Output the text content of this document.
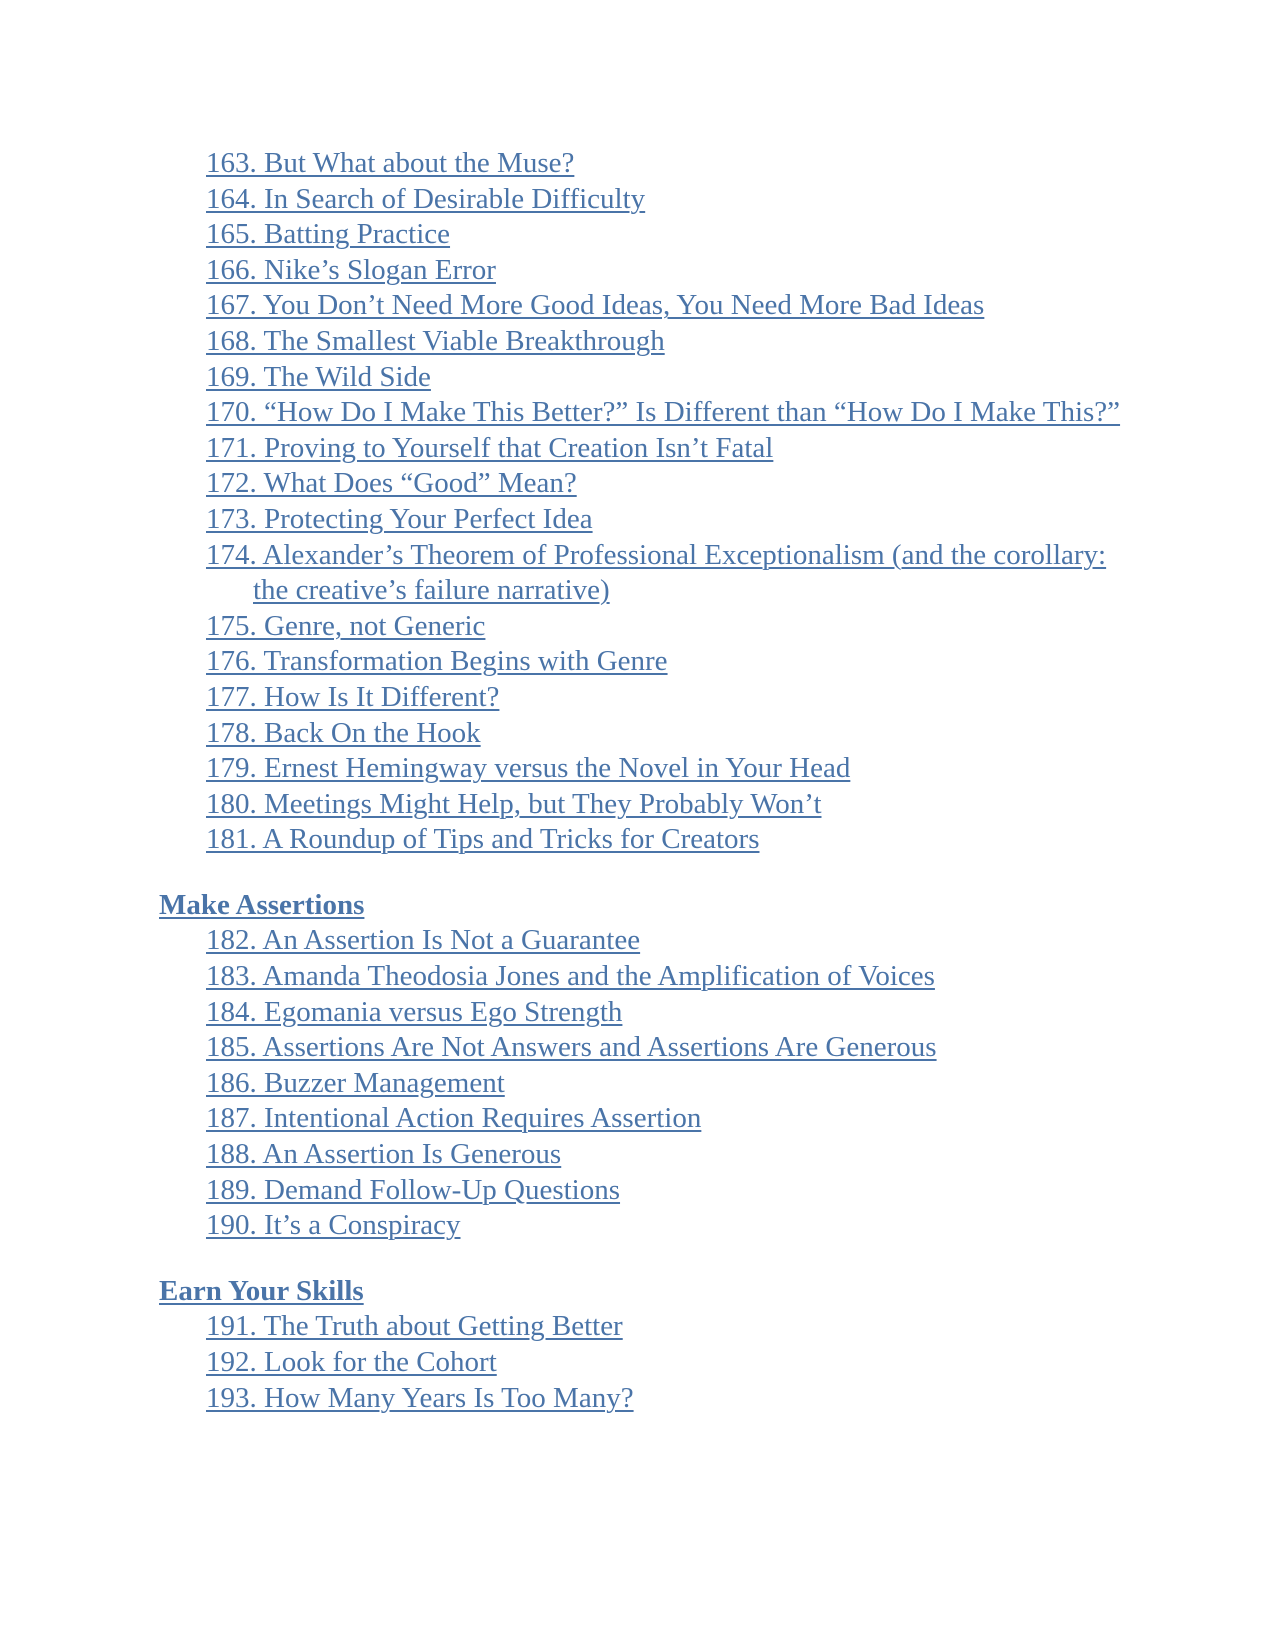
163. But What about the Muse?
164. In Search of Desirable Difficulty
165. Batting Practice
166. Nike’s Slogan Error
167. You Don’t Need More Good Ideas, You Need More Bad Ideas
168. The Smallest Viable Breakthrough
169. The Wild Side
170. “How Do I Make This Better?” Is Different than “How Do I Make This?”
171. Proving to Yourself that Creation Isn’t Fatal
172. What Does “Good” Mean?
173. Protecting Your Perfect Idea
174. Alexander’s Theorem of Professional Exceptionalism (and the corollary: the creative’s failure narrative)
175. Genre, not Generic
176. Transformation Begins with Genre
177. How Is It Different?
178. Back On the Hook
179. Ernest Hemingway versus the Novel in Your Head
180. Meetings Might Help, but They Probably Won’t
181. A Roundup of Tips and Tricks for Creators
Make Assertions
182. An Assertion Is Not a Guarantee
183. Amanda Theodosia Jones and the Amplification of Voices
184. Egomania versus Ego Strength
185. Assertions Are Not Answers and Assertions Are Generous
186. Buzzer Management
187. Intentional Action Requires Assertion
188. An Assertion Is Generous
189. Demand Follow-Up Questions
190. It’s a Conspiracy
Earn Your Skills
191. The Truth about Getting Better
192. Look for the Cohort
193. How Many Years Is Too Many?
